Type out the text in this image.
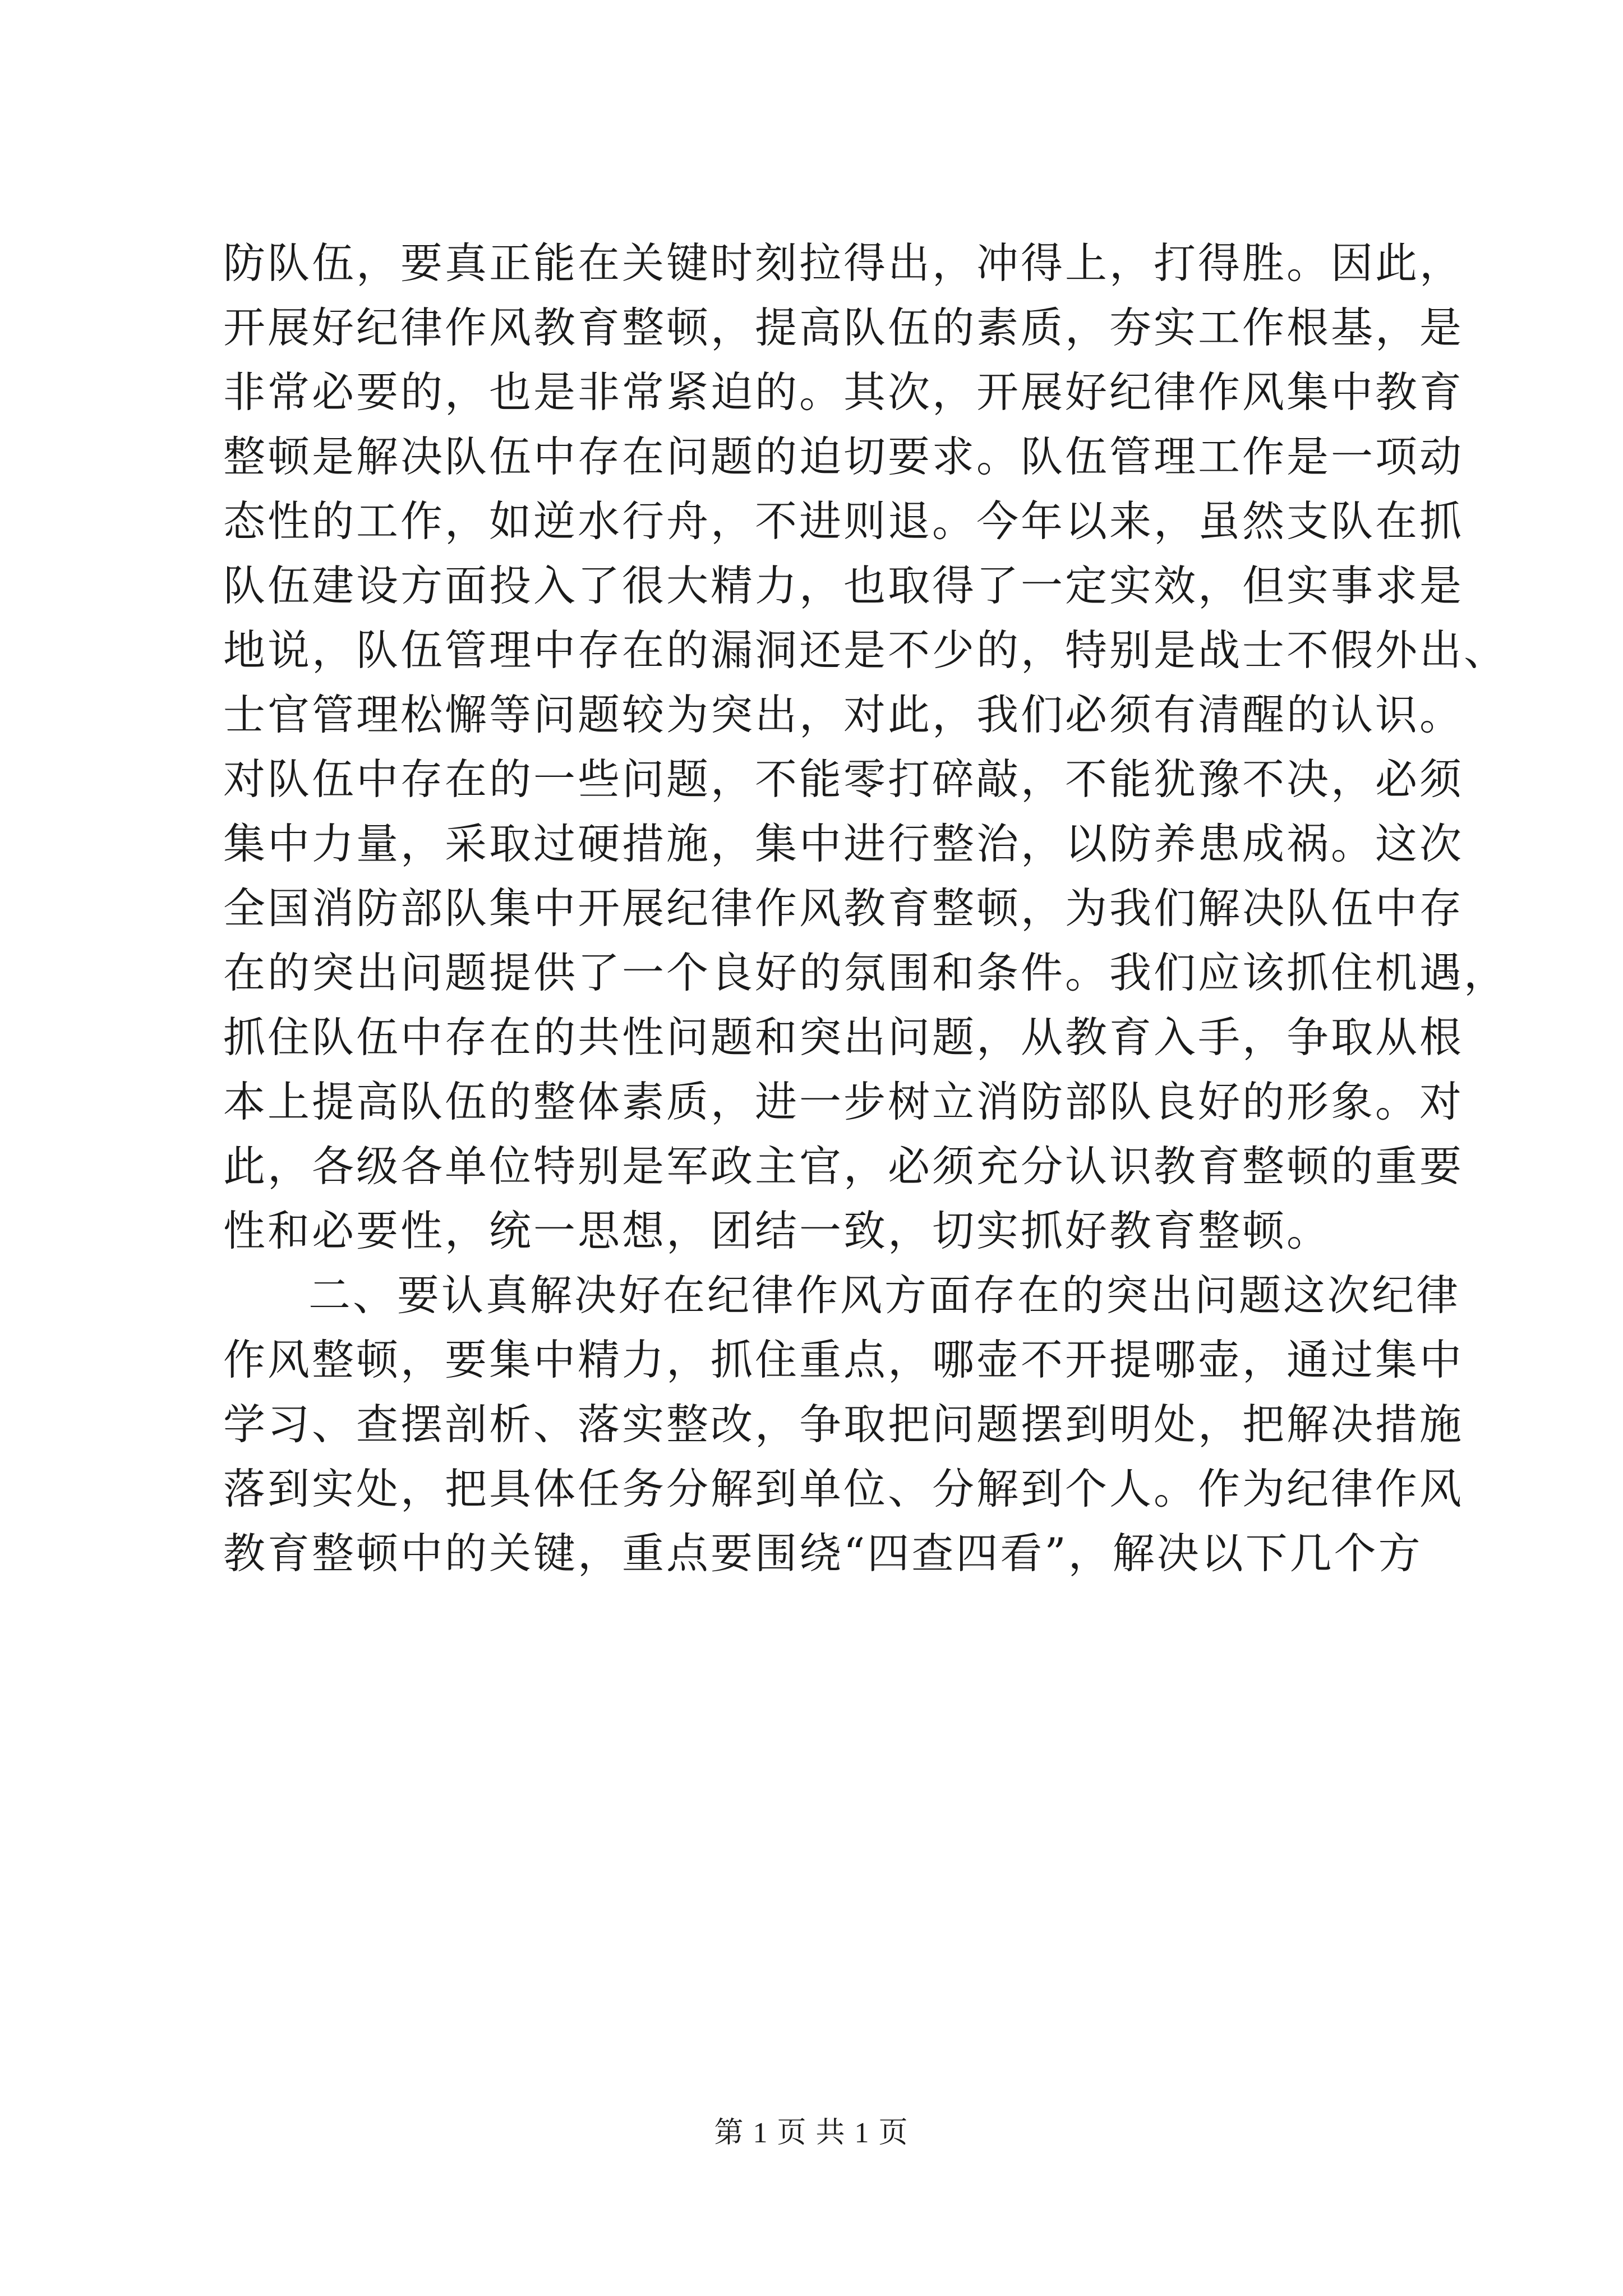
防队伍，要真正能在关键时刻拉得出，冲得上，打得胜。因此，
开展好纪律作风教育整顿，提高队伍的素质，夯实工作根基，是
非常必要的，也是非常紧迫的。其次，开展好纪律作风集中教育
整顿是解决队伍中存在问题的迫切要求。队伍管理工作是一项动
态性的工作，如逆水行舟，不进则退。今年以来，虽然支队在抓
队伍建设方面投入了很大精力，也取得了一定实效，但实事求是
地说，队伍管理中存在的漏洞还是不少的，特别是战士不假外出、
士官管理松懈等问题较为突出，对此，我们必须有清醒的认识。
对队伍中存在的一些问题，不能零打碎敲，不能犹豫不决，必须
集中力量，采取过硬措施，集中进行整治，以防养患成祸。这次
全国消防部队集中开展纪律作风教育整顿，为我们解决队伍中存
在的突出问题提供了一个良好的氛围和条件。我们应该抓住机遇，
抓住队伍中存在的共性问题和突出问题，从教育入手，争取从根
本上提高队伍的整体素质，进一步树立消防部队良好的形象。对
此，各级各单位特别是军政主官，必须充分认识教育整顿的重要
性和必要性，统一思想，团结一致，切实抓好教育整顿。
二、要认真解决好在纪律作风方面存在的突出问题这次纪律
作风整顿，要集中精力，抓住重点，哪壶不开提哪壶，通过集中
学习、查摆剖析、落实整改，争取把问题摆到明处，把解决措施
落到实处，把具体任务分解到单位、分解到个人。作为纪律作风
教育整顿中的关键，重点要围绕“四查四看”，解决以下几个方
第 1 页 共 1 页
